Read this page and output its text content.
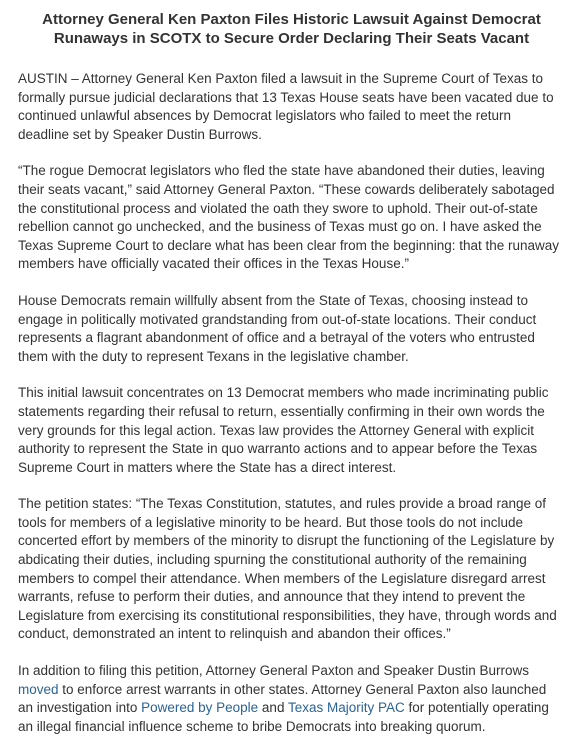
Attorney General Ken Paxton Files Historic Lawsuit Against Democrat Runaways in SCOTX to Secure Order Declaring Their Seats Vacant

AUSTIN – Attorney General Ken Paxton filed a lawsuit in the Supreme Court of Texas to formally pursue judicial declarations that 13 Texas House seats have been vacated due to continued unlawful absences by Democrat legislators who failed to meet the return deadline set by Speaker Dustin Burrows.

“The rogue Democrat legislators who fled the state have abandoned their duties, leaving their seats vacant,” said Attorney General Paxton. “These cowards deliberately sabotaged the constitutional process and violated the oath they swore to uphold. Their out-of-state rebellion cannot go unchecked, and the business of Texas must go on. I have asked the Texas Supreme Court to declare what has been clear from the beginning: that the runaway members have officially vacated their offices in the Texas House.”

House Democrats remain willfully absent from the State of Texas, choosing instead to engage in politically motivated grandstanding from out-of-state locations. Their conduct represents a flagrant abandonment of office and a betrayal of the voters who entrusted them with the duty to represent Texans in the legislative chamber.

This initial lawsuit concentrates on 13 Democrat members who made incriminating public statements regarding their refusal to return, essentially confirming in their own words the very grounds for this legal action. Texas law provides the Attorney General with explicit authority to represent the State in quo warranto actions and to appear before the Texas Supreme Court in matters where the State has a direct interest.

The petition states: “The Texas Constitution, statutes, and rules provide a broad range of tools for members of a legislative minority to be heard. But those tools do not include concerted effort by members of the minority to disrupt the functioning of the Legislature by abdicating their duties, including spurning the constitutional authority of the remaining members to compel their attendance. When members of the Legislature disregard arrest warrants, refuse to perform their duties, and announce that they intend to prevent the Legislature from exercising its constitutional responsibilities, they have, through words and conduct, demonstrated an intent to relinquish and abandon their offices.”

In addition to filing this petition, Attorney General Paxton and Speaker Dustin Burrows moved to enforce arrest warrants in other states. Attorney General Paxton also launched an investigation into Powered by People and Texas Majority PAC for potentially operating an illegal financial influence scheme to bribe Democrats into breaking quorum.
